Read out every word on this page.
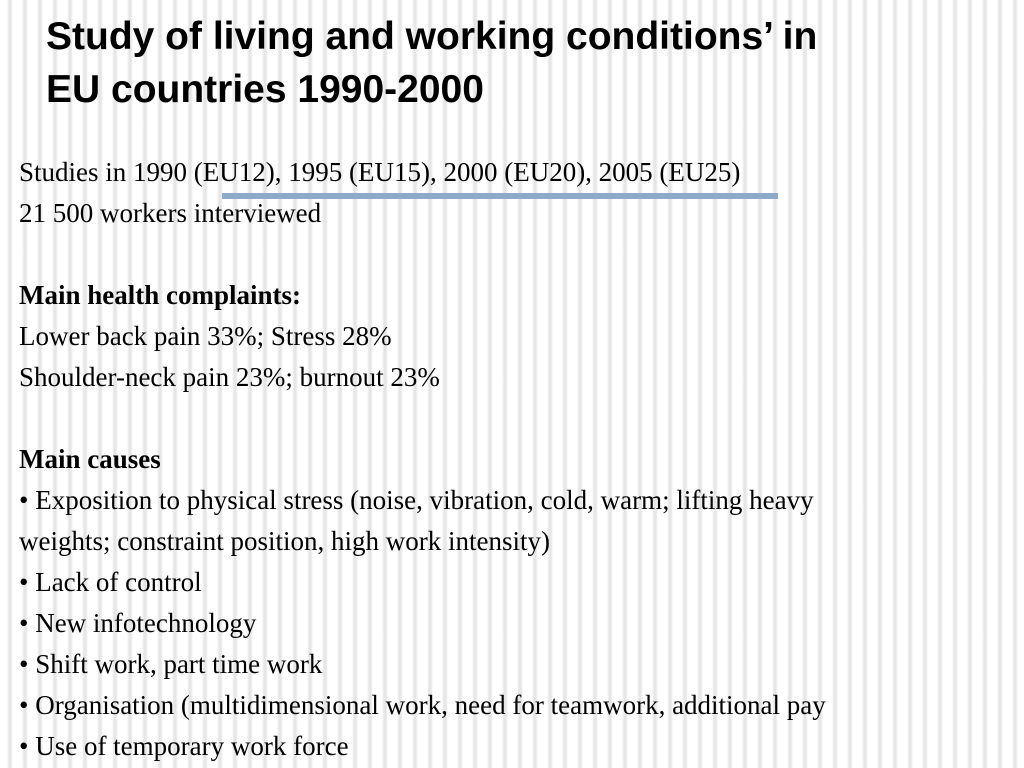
Study of living and working conditions’ in
EU countries 1990-2000
Studies in 1990 (EU12), 1995 (EU15), 2000 (EU20), 2005 (EU25)
21 500 workers interviewed
Main health complaints:
Lower back pain 33%; Stress 28%
Shoulder-neck pain 23%; burnout 23%
Main causes
• Exposition to physical stress (noise, vibration, cold, warm; lifting heavy
weights; constraint position, high work intensity)
• Lack of control
• New infotechnology
• Shift work, part time work
• Organisation (multidimensional work, need for teamwork, additional pay
• Use of temporary work force
